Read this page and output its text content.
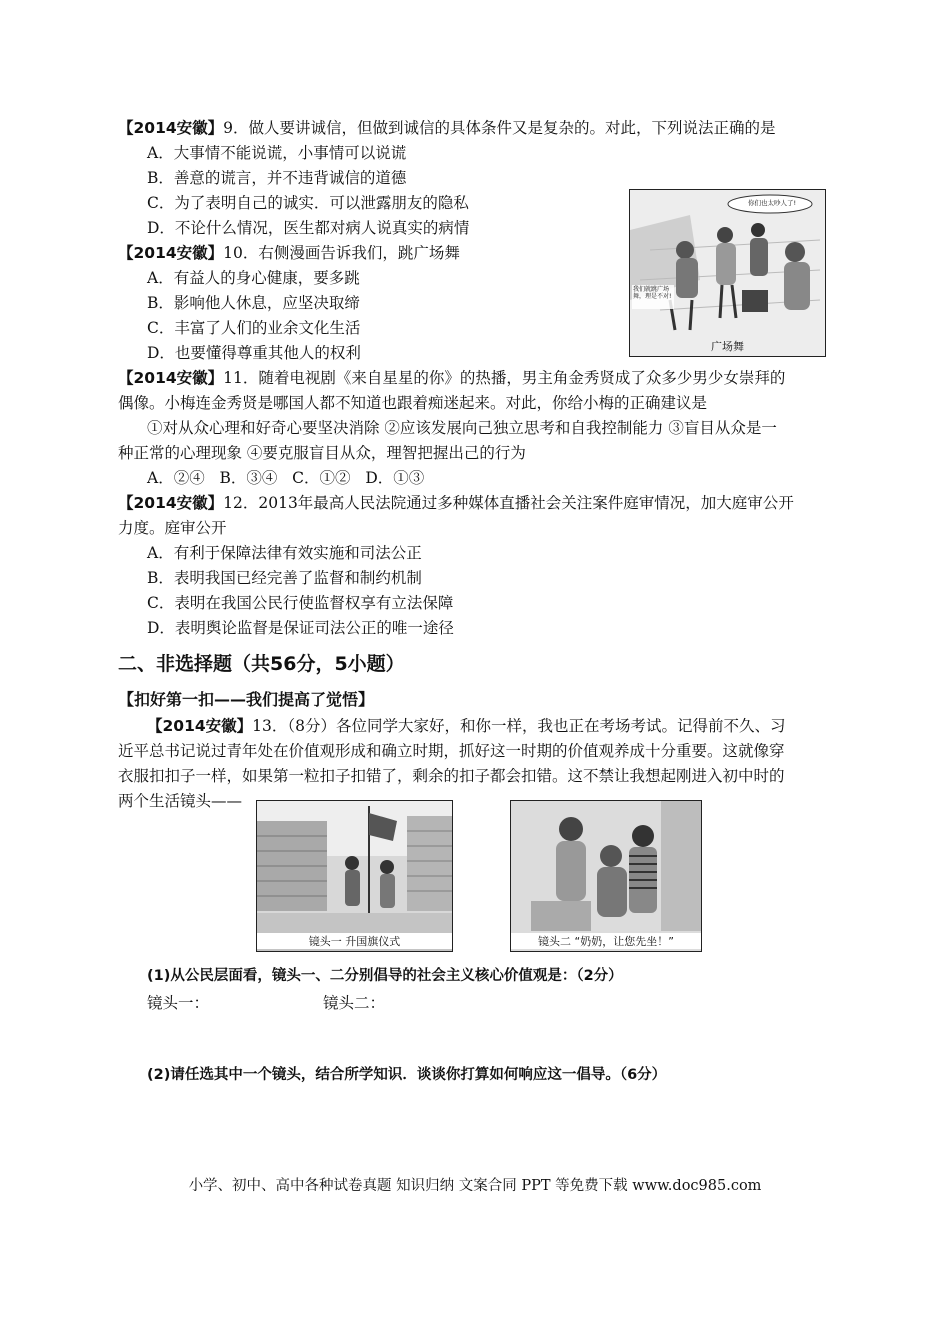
【2014安徽】9．做人要讲诚信，但做到诚信的具体条件又是复杂的。对此，下列说法正确的是
A．大事情不能说谎，小事情可以说谎
B．善意的谎言，并不违背诚信的道德
C．为了表明自己的诚实．可以泄露朋友的隐私
D．不论什么情况，医生都对病人说真实的病情
【2014安徽】10．右侧漫画告诉我们，跳广场舞
A．有益人的身心健康，要多跳
B．影响他人休息，应坚决取缔
C．丰富了人们的业余文化生活
D．也要懂得尊重其他人的权利
你们也太吵人了!
我们就跳广场舞，理是不对!
广场舞
【2014安徽】11．随着电视剧《来自星星的你》的热播，男主角金秀贤成了众多少男少女崇拜的
偶像。小梅连金秀贤是哪国人都不知道也跟着痴迷起来。对此，你给小梅的正确建议是
①对从众心理和好奇心要坚决消除 ②应该发展向己独立思考和自我控制能力 ③盲目从众是一
种正常的心理现象 ④要克服盲目从众，理智把握出己的行为
A．②④ B．③④ C．①② D．①③
【2014安徽】12．2013年最高人民法院通过多种媒体直播社会关注案件庭审情况，加大庭审公开
力度。庭审公开
A．有利于保障法律有效实施和司法公正
B．表明我国已经完善了监督和制约机制
C．表明在我国公民行使监督权享有立法保障
D．表明舆论监督是保证司法公正的唯一途径
二、非选择题（共56分，5小题）
【扣好第一扣——我们提高了觉悟】
【2014安徽】13．（8分）各位同学大家好，和你一样，我也正在考场考试。记得前不久、习
近平总书记说过青年处在价值观形成和确立时期，抓好这一时期的价值观养成十分重要。这就像穿
衣服扣扣子一样，如果第一粒扣子扣错了，剩余的扣子都会扣错。这不禁让我想起刚进入初中时的
两个生活镜头——
镜头一 升国旗仪式	镜头二 “奶奶，让您先坐！”
(1)从公民层面看，镜头一、二分别倡导的社会主义核心价值观是：（2分）
镜头一：	镜头二：
(2)请任选其中一个镜头，结合所学知识．谈谈你打算如何响应这一倡导。（6分）
小学、初中、高中各种试卷真题 知识归纳 文案合同 PPT 等免费下载 www.doc985.com
